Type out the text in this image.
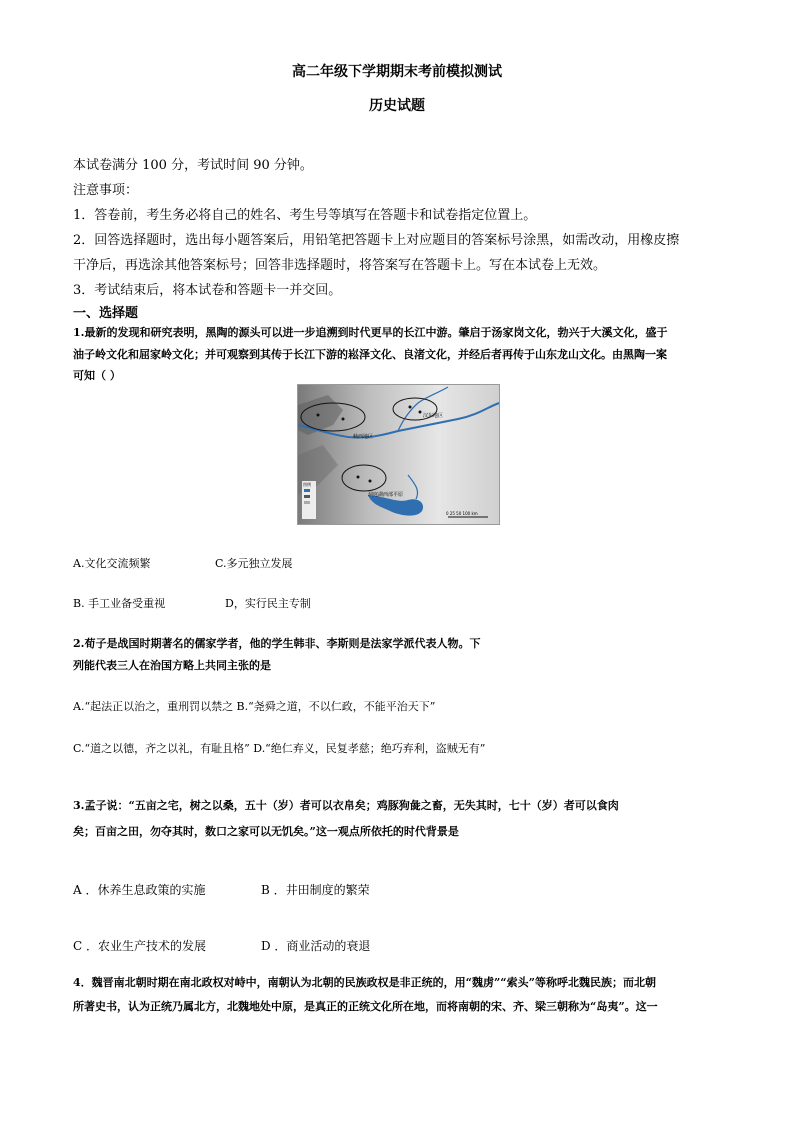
高二年级下学期期末考前模拟测试
历史试题
本试卷满分 100 分，考试时间 90 分钟。
注意事项：
1．答卷前，考生务必将自己的姓名、考生号等填写在答题卡和试卷指定位置上。
2．回答选择题时，选出每小题答案后，用铅笔把答题卡上对应题目的答案标号涂黑，如需改动，用橡皮擦
干净后，再选涂其他答案标号；回答非选择题时，将答案写在答题卡上。写在本试卷上无效。
3．考试结束后，将本试卷和答题卡一并交回。
一、选择题
1.最新的发现和研究表明，黑陶的源头可以进一步追溯到时代更早的长江中游。肇启于汤家岗文化，勃兴于大溪文化，盛于
油子岭文化和屈家岭文化；并可观察到其传于长江下游的崧泽文化、良渚文化，并经后者再传于山东龙山文化。由黑陶一案
可知（ ）
汉东地区
峡西地区
洞庭湖西部平原
图例
0 25 50 100 km
A.文化交流频繁	C.多元独立发展
B. 手工业备受重视	D，实行民主专制
2.荀子是战国时期著名的儒家学者，他的学生韩非、李斯则是法家学派代表人物。下
列能代表三人在治国方略上共同主张的是
A.“起法正以治之，重刑罚以禁之 B.“尧舜之道，不以仁政，不能平治天下”
C.“道之以德，齐之以礼，有耻且格” D.“绝仁弃义，民复孝慈；绝巧弃利，盗贼无有”
3.孟子说：“五亩之宅，树之以桑，五十（岁）者可以衣帛矣；鸡豚狗彘之畜，无失其时，七十（岁）者可以食肉
矣；百亩之田，勿夺其时，数口之家可以无饥矣。”这一观点所依托的时代背景是
A ．休养生息政策的实施	B ．井田制度的繁荣
C ．农业生产技术的发展	D ．商业活动的衰退
4．魏晋南北朝时期在南北政权对峙中，南朝认为北朝的民族政权是非正统的，用“魏虏”“索头”等称呼北魏民族；而北朝
所著史书，认为正统乃属北方，北魏地处中原，是真正的正统文化所在地，而将南朝的宋、齐、梁三朝称为“岛夷”。这一
